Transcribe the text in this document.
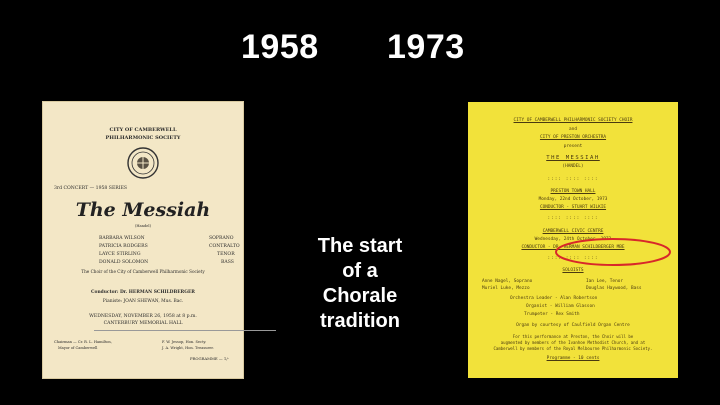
1958 1973
The start
of a
Chorale
tradition
CITY OF CAMBERWELL
PHILHARMONIC SOCIETY
3rd CONCERT — 1958 SERIES
The Messiah
(Handel)
BARBARA WILSON	SOPRANO
PATRICIA RODGERS	CONTRALTO
LAYCE STIRLING	TENOR
DONALD SOLOMON	BASS
The Choir of the City of Camberwell Philharmonic Society
Conductor: Dr. HERMAN SCHILDBERGER
Pianiste: JOAN SHEWAN, Mus. Bac.
WEDNESDAY, NOVEMBER 26, 1958 at 8 p.m.
CANTERBURY MEMORIAL HALL
Chairman — Cr. R. L. Hamilton,
Mayor of Camberwell
F. W. Jessop, Hon. Secty.
J. A. Wright, Hon. Treasurer.
PROGRAMME — 1/-
CITY OF CAMBERWELL PHILHARMONIC SOCIETY CHOIR
and
CITY OF PRESTON ORCHESTRA
present
THE MESSIAH
(HANDEL)
:::: :::: ::::
PRESTON TOWN HALL
Monday, 22nd October, 1973
CONDUCTOR - STUART WILKIE
:::: :::: ::::
CAMBERWELL CIVIC CENTRE
Wednesday, 24th October, 1973
CONDUCTOR - DR. HERMAN SCHILDBERGER MBE
:::: :::: ::::
SOLOISTS
Anne Nagel, Soprano	Ian Lee, Tenor
Muriel Luke, Mezzo	Douglas Haywood, Bass
Orchestra Leader - Alan Robertson
Organist - William Glasson
Trumpeter - Rex Smith
Organ by courtesy of Caulfield Organ Centre
For this performance at Preston, the Choir will be
augmented by members of the Ivanhoe Methodist Church, and at
Camberwell by members of the Royal Melbourne Philharmonic Society.
Programme - 10 cents
